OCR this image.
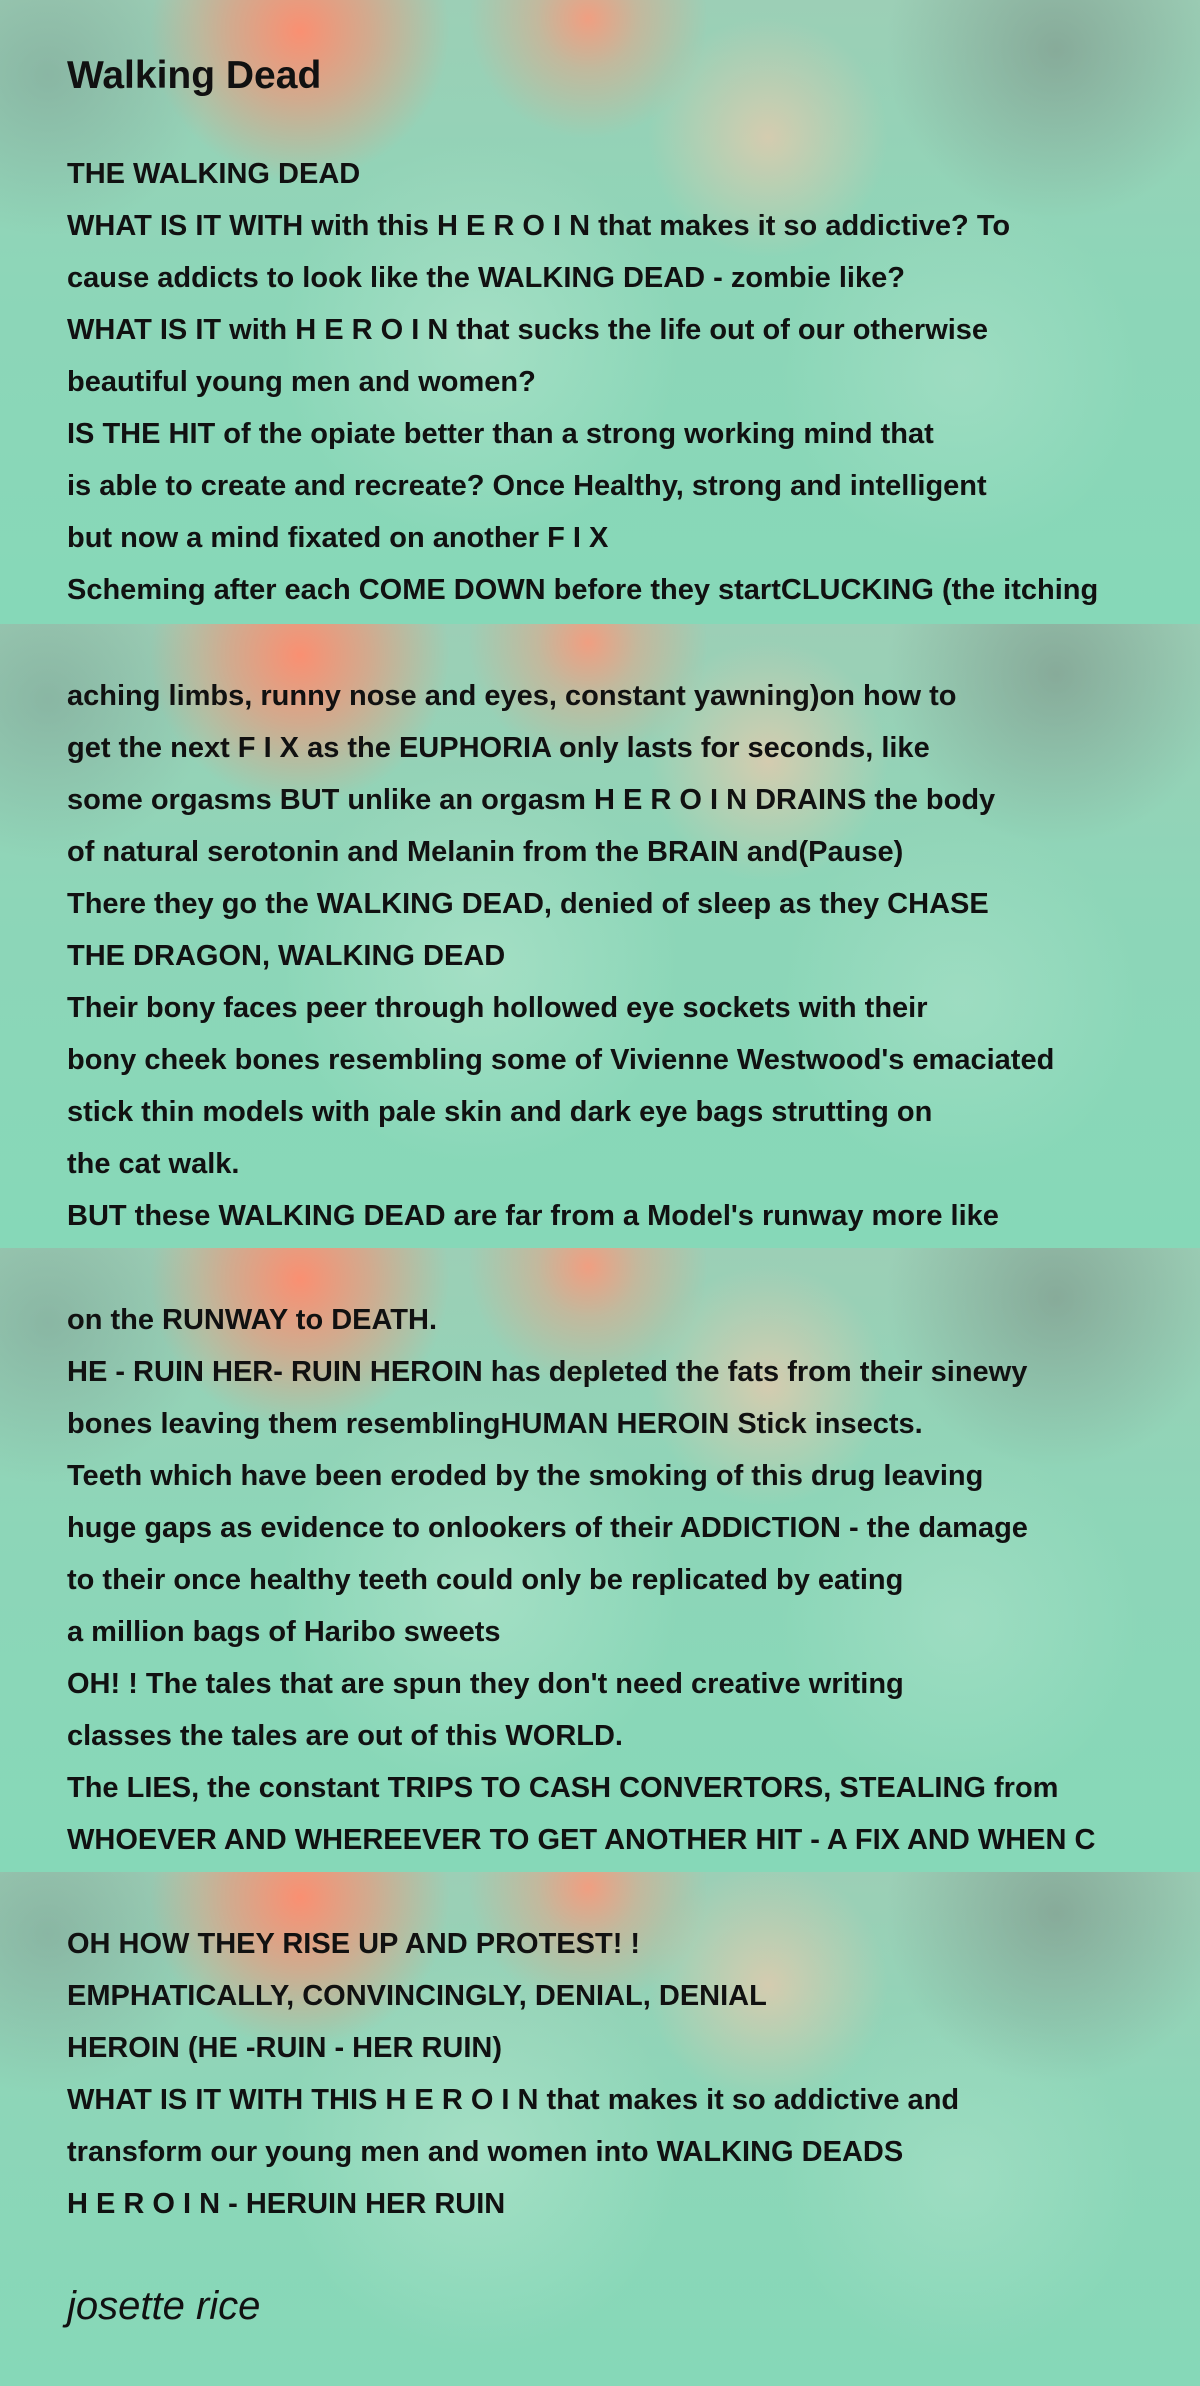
Walking Dead
THE WALKING DEAD
WHAT IS IT WITH with this H E R O I N that makes it so addictive? To
cause addicts to look like the WALKING DEAD - zombie like?
WHAT IS IT with H E R O I N that sucks the life out of our otherwise
beautiful young men and women?
IS THE HIT of the opiate better than a strong working mind that
is able to create and recreate? Once Healthy, strong and intelligent
but now a mind fixated on another F I X
Scheming after each COME DOWN before they startCLUCKING (the itching
aching limbs, runny nose and eyes, constant yawning)on how to
get the next F I X as the EUPHORIA only lasts for seconds, like
some orgasms BUT unlike an orgasm H E R O I N DRAINS the body
of natural serotonin and Melanin from the BRAIN and(Pause)
There they go the WALKING DEAD, denied of sleep as they CHASE
THE DRAGON, WALKING DEAD
Their bony faces peer through hollowed eye sockets with their
bony cheek bones resembling some of Vivienne Westwood's emaciated
stick thin models with pale skin and dark eye bags strutting on
the cat walk.
BUT these WALKING DEAD are far from a Model's runway more like
on the RUNWAY to DEATH.
HE - RUIN HER- RUIN HEROIN has depleted the fats from their sinewy
bones leaving them resemblingHUMAN HEROIN Stick insects.
Teeth which have been eroded by the smoking of this drug leaving
huge gaps as evidence to onlookers of their ADDICTION - the damage
to their once healthy teeth could only be replicated by eating
a million bags of Haribo sweets
OH! ! The tales that are spun they don't need creative writing
classes the tales are out of this WORLD.
The LIES, the constant TRIPS TO CASH CONVERTORS, STEALING from
WHOEVER AND WHEREEVER TO GET ANOTHER HIT - A FIX AND WHEN C
OH HOW THEY RISE UP AND PROTEST! !
EMPHATICALLY, CONVINCINGLY, DENIAL, DENIAL
HEROIN (HE -RUIN - HER RUIN)
WHAT IS IT WITH THIS H E R O I N that makes it so addictive and
transform our young men and women into WALKING DEADS
H E R O I N - HERUIN HER RUIN

josette rice
